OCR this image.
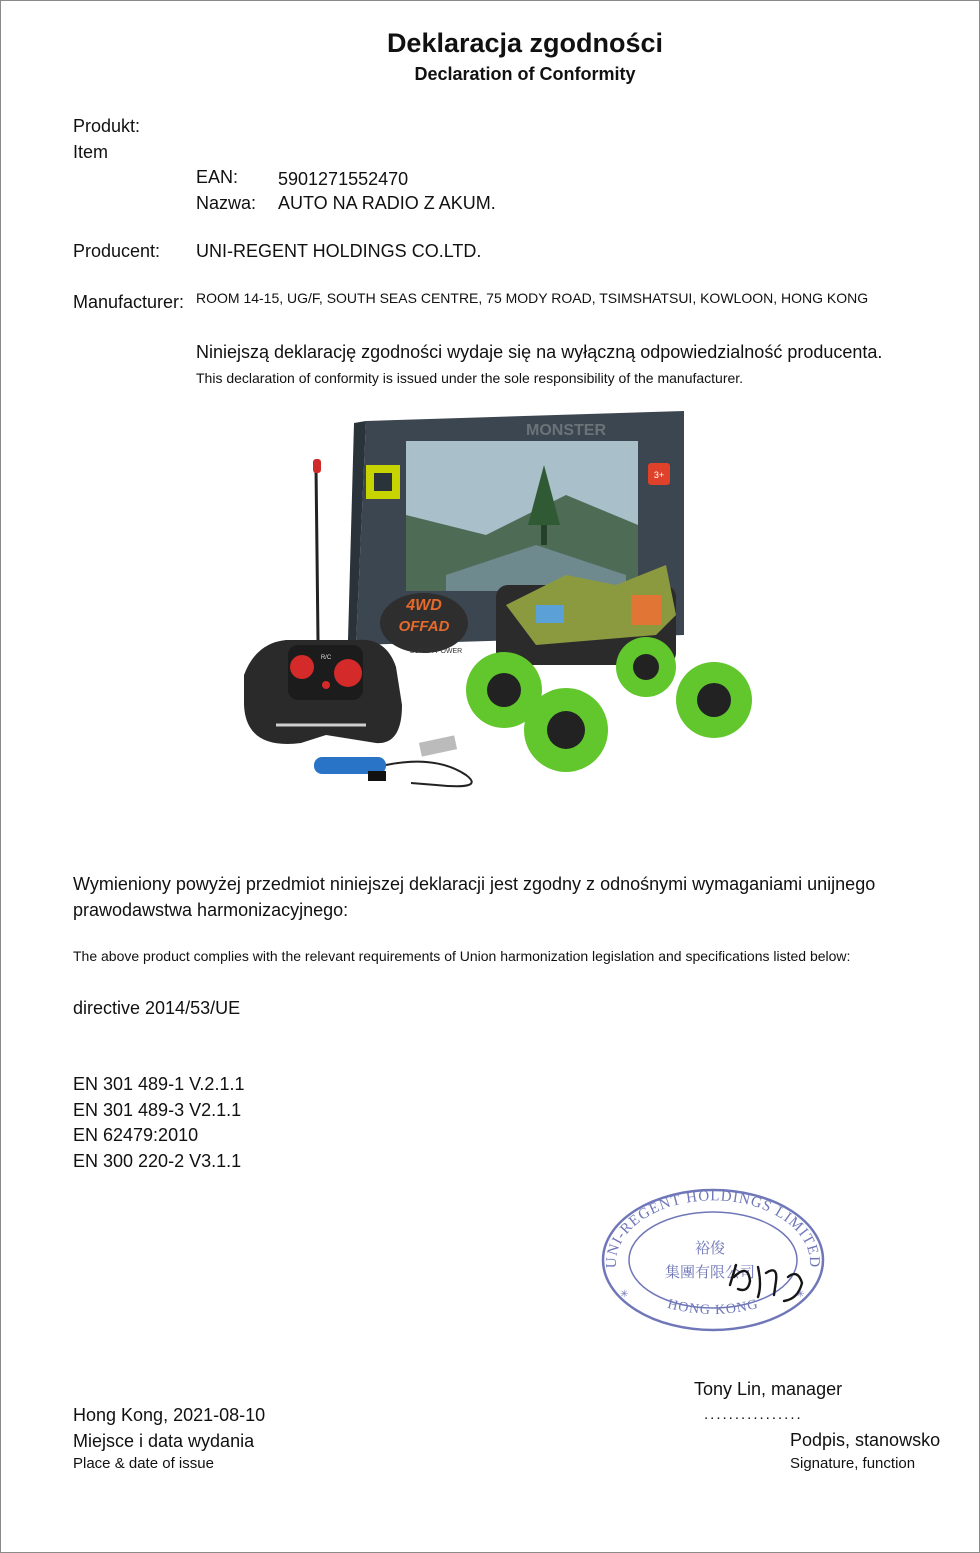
Deklaracja zgodności
Declaration of Conformity
Produkt:
Item
EAN: 5901271552470
Nazwa: AUTO NA RADIO Z AKUM.
Producent: UNI-REGENT HOLDINGS CO.LTD.
Manufacturer: ROOM 14-15, UG/F, SOUTH SEAS CENTRE, 75 MODY ROAD, TSIMSHATSUI, KOWLOON, HONG KONG
Niniejszą deklarację zgodności wydaje się na wyłączną odpowiedzialność producenta.
This declaration of conformity is issued under the sole responsibility of the manufacturer.
3+
MONSTER
4WD
OFFAD
SUPER POWER
R/C
Wymieniony powyżej przedmiot niniejszej deklaracji jest zgodny z odnośnymi wymaganiami unijnego
prawodawstwa harmonizacyjnego:
The above product complies with the relevant requirements of Union harmonization legislation and specifications listed below:
directive 2014/53/UE
EN 301 489-1 V.2.1.1
EN 301 489-3 V2.1.1
EN 62479:2010
EN 300 220-2 V3.1.1
UNI-REGENT HOLDINGS LIMITED
HONG KONG
裕俊
集團有限公司
✳	✳
Tony Lin, manager
................
Hong Kong, 2021-08-10
Miejsce i data wydania
Place & date of issue
Podpis, stanowsko
Signature, function
